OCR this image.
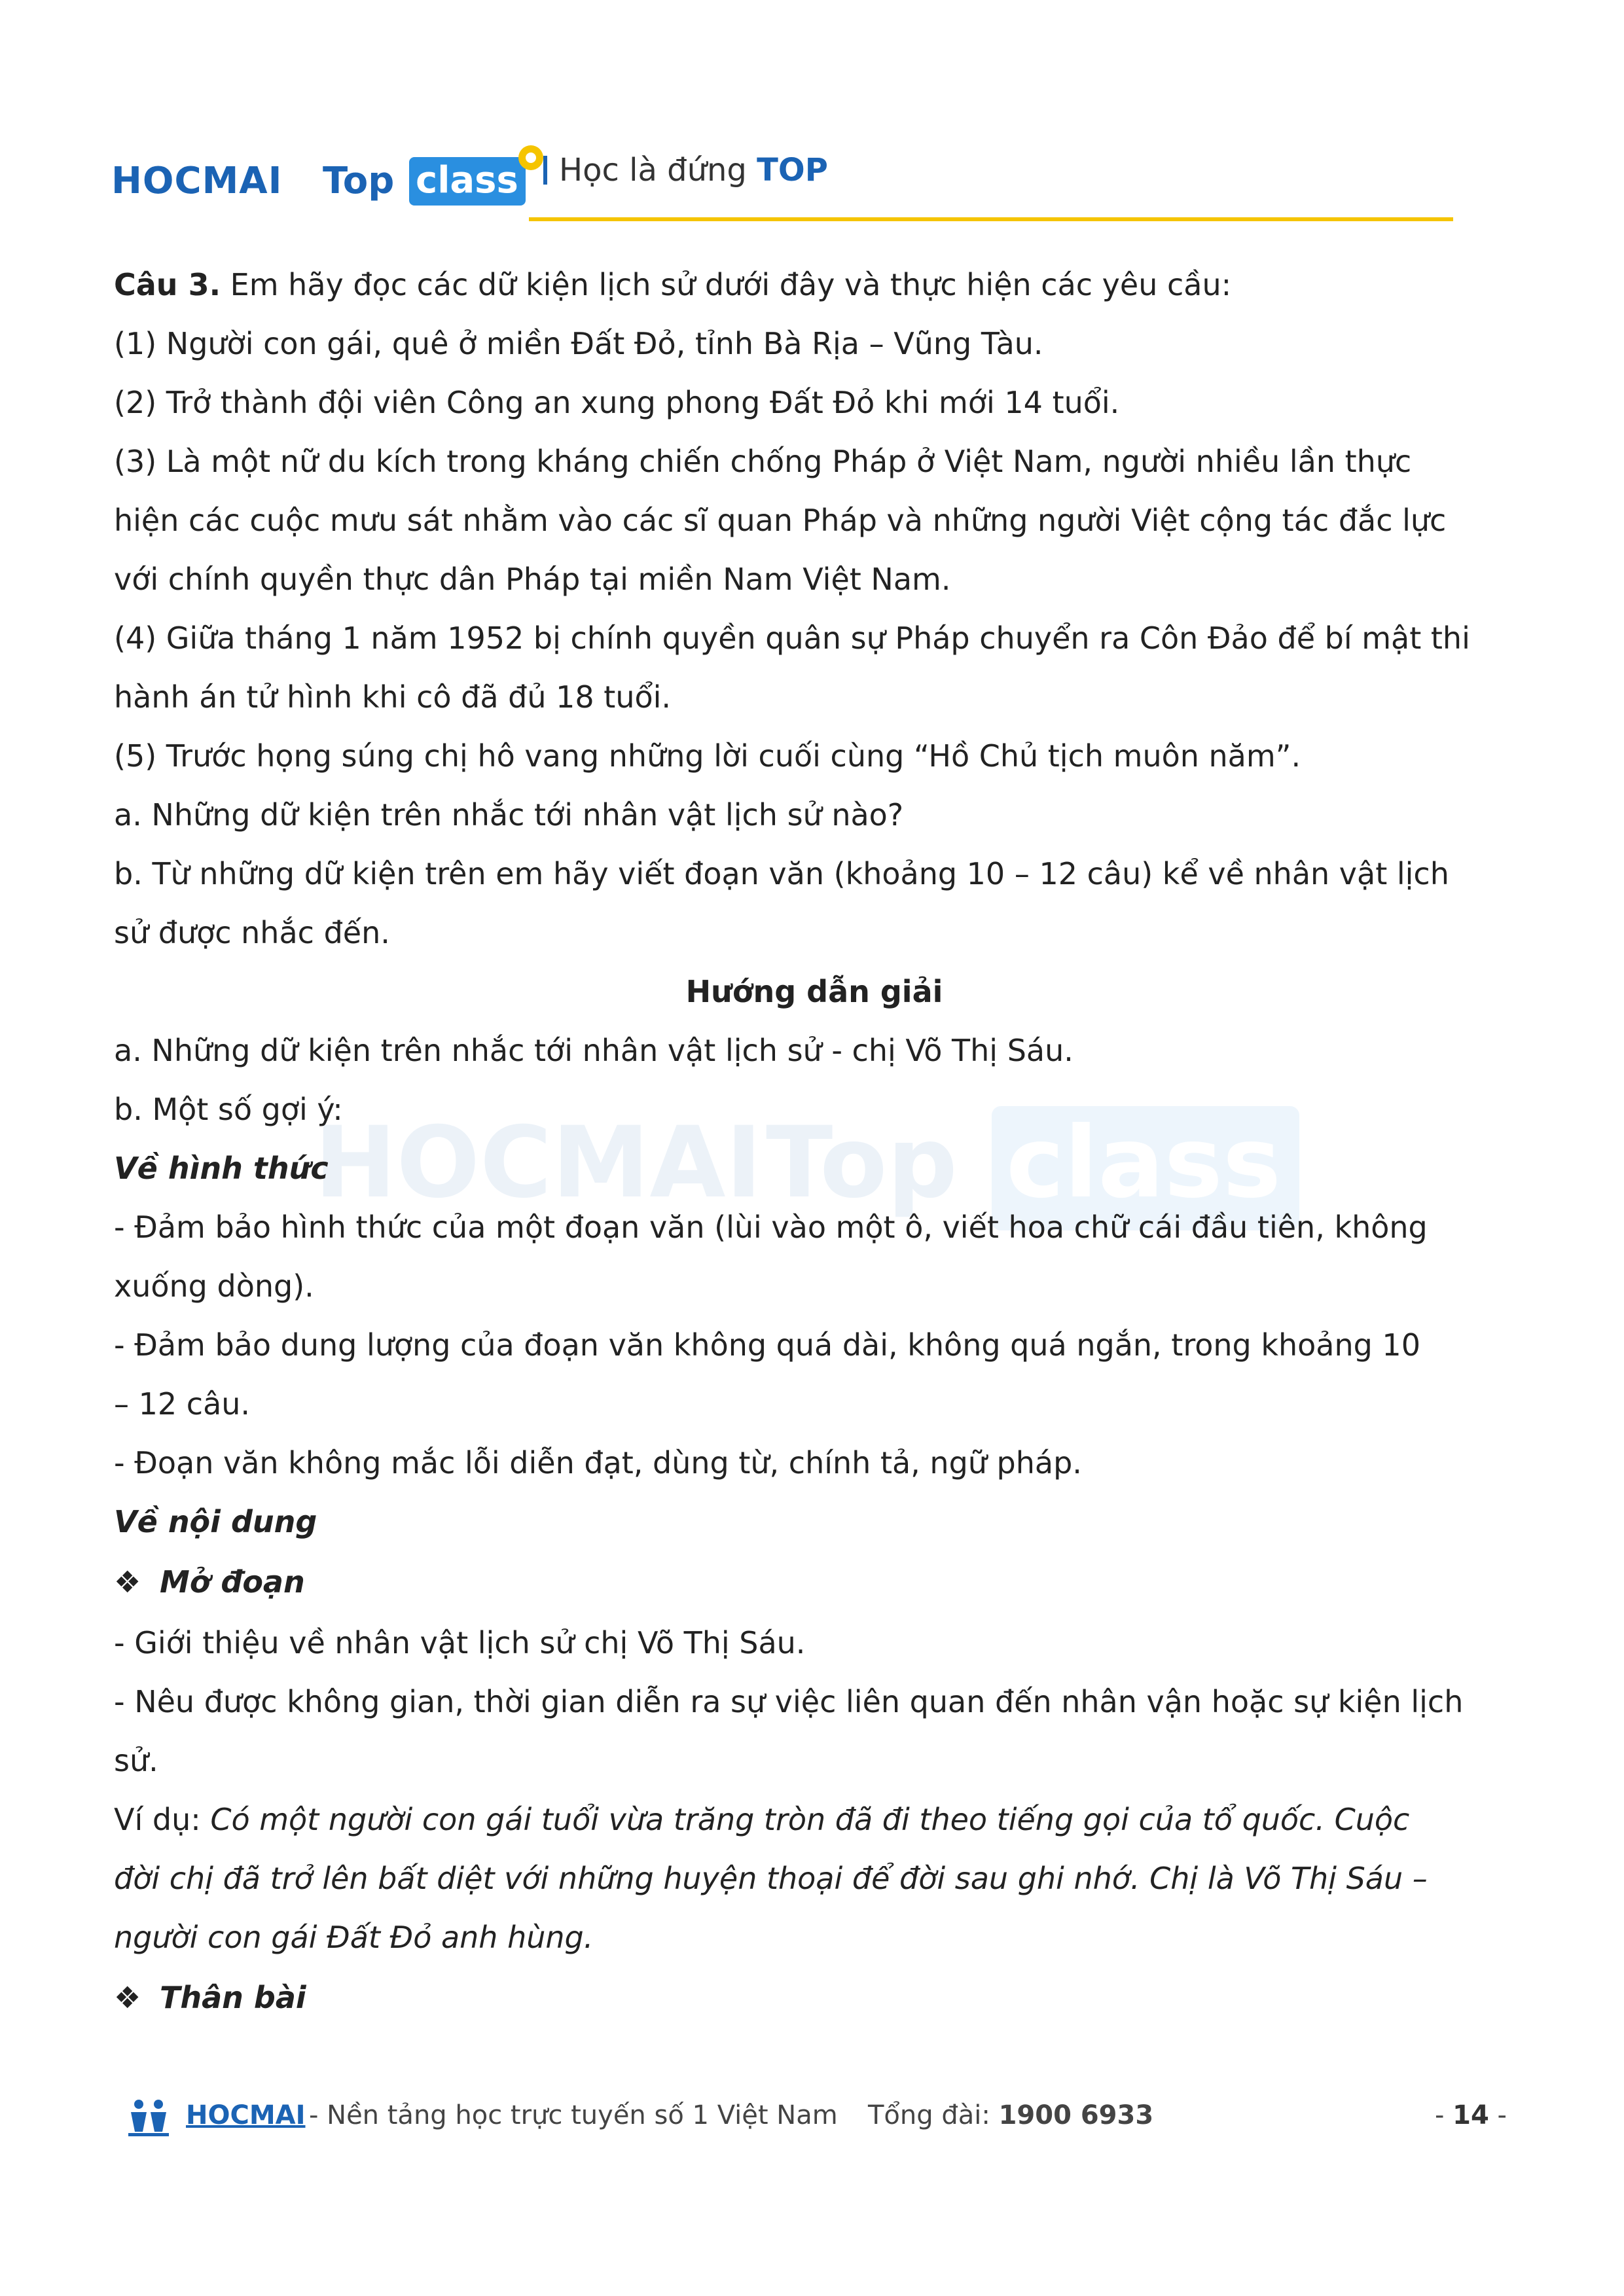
HOCMAI Top class	Học là đứng TOP
HOCMAI Top class
Câu 3. Em hãy đọc các dữ kiện lịch sử dưới đây và thực hiện các yêu cầu:
(1) Người con gái, quê ở miền Đất Đỏ, tỉnh Bà Rịa – Vũng Tàu.
(2) Trở thành đội viên Công an xung phong Đất Đỏ khi mới 14 tuổi.
(3) Là một nữ du kích trong kháng chiến chống Pháp ở Việt Nam, người nhiều lần thực
hiện các cuộc mưu sát nhằm vào các sĩ quan Pháp và những người Việt cộng tác đắc lực
với chính quyền thực dân Pháp tại miền Nam Việt Nam.
(4) Giữa tháng 1 năm 1952 bị chính quyền quân sự Pháp chuyển ra Côn Đảo để bí mật thi
hành án tử hình khi cô đã đủ 18 tuổi.
(5) Trước họng súng chị hô vang những lời cuối cùng “Hồ Chủ tịch muôn năm”.
a. Những dữ kiện trên nhắc tới nhân vật lịch sử nào?
b. Từ những dữ kiện trên em hãy viết đoạn văn (khoảng 10 – 12 câu) kể về nhân vật lịch
sử được nhắc đến.
Hướng dẫn giải
a. Những dữ kiện trên nhắc tới nhân vật lịch sử - chị Võ Thị Sáu.
b. Một số gợi ý:
Về hình thức
- Đảm bảo hình thức của một đoạn văn (lùi vào một ô, viết hoa chữ cái đầu tiên, không
xuống dòng).
- Đảm bảo dung lượng của đoạn văn không quá dài, không quá ngắn, trong khoảng 10
– 12 câu.
- Đoạn văn không mắc lỗi diễn đạt, dùng từ, chính tả, ngữ pháp.
Về nội dung
❖ Mở đoạn
- Giới thiệu về nhân vật lịch sử chị Võ Thị Sáu.
- Nêu được không gian, thời gian diễn ra sự việc liên quan đến nhân vận hoặc sự kiện lịch
sử.
Ví dụ: Có một người con gái tuổi vừa trăng tròn đã đi theo tiếng gọi của tổ quốc. Cuộc
đời chị đã trở lên bất diệt với những huyện thoại để đời sau ghi nhớ. Chị là Võ Thị Sáu –
người con gái Đất Đỏ anh hùng.
❖ Thân bài
HOCMAI - Nền tảng học trực tuyến số 1 Việt Nam Tổng đài: 1900 6933	- 14 -
